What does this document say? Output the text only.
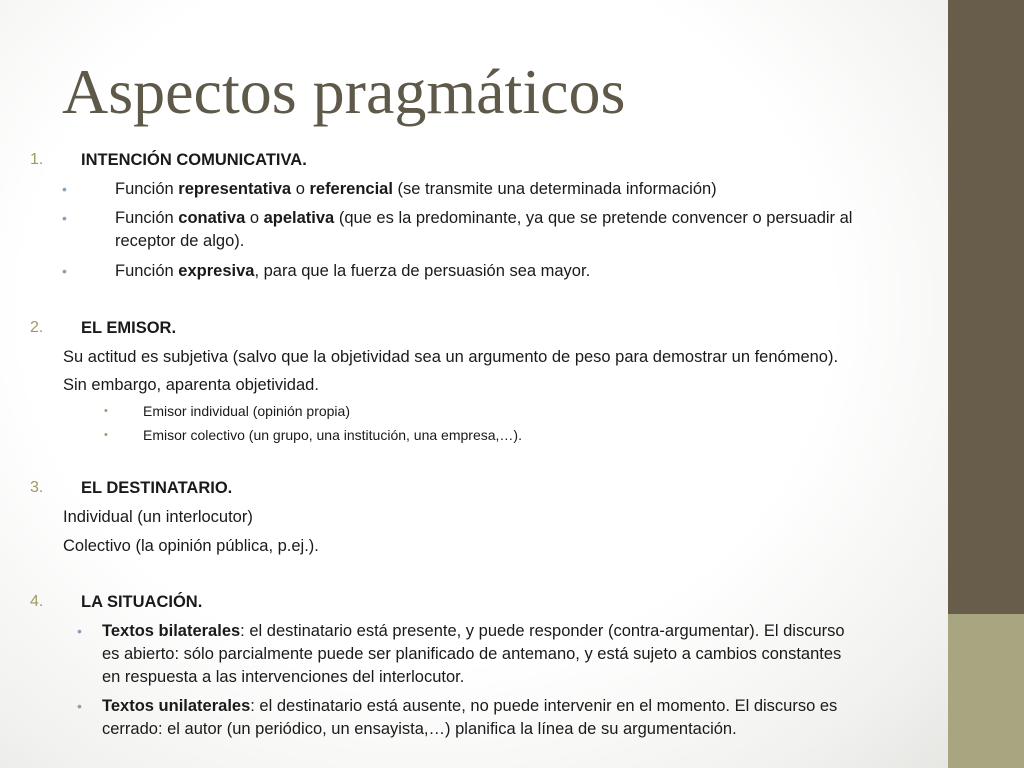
Aspectos pragmáticos
1. INTENCIÓN COMUNICATIVA.
•	Función representativa o referencial (se transmite una determinada información)
•	Función conativa o apelativa (que es la predominante, ya que se pretende convencer o persuadir al
receptor de algo).
•	Función expresiva, para que la fuerza de persuasión sea mayor.
2. EL EMISOR.
Su actitud es subjetiva (salvo que la objetividad sea un argumento de peso para demostrar un fenómeno).
Sin embargo, aparenta objetividad.
•	Emisor individual (opinión propia)
•	Emisor colectivo (un grupo, una institución, una empresa,…).
3. EL DESTINATARIO.
Individual (un interlocutor)
Colectivo (la opinión pública, p.ej.).
4. LA SITUACIÓN.
• Textos bilaterales: el destinatario está presente, y puede responder (contra-argumentar). El discurso
es abierto: sólo parcialmente puede ser planificado de antemano, y está sujeto a cambios constantes
en respuesta a las intervenciones del interlocutor.
• Textos unilaterales: el destinatario está ausente, no puede intervenir en el momento. El discurso es
cerrado: el autor (un periódico, un ensayista,…) planifica la línea de su argumentación.
